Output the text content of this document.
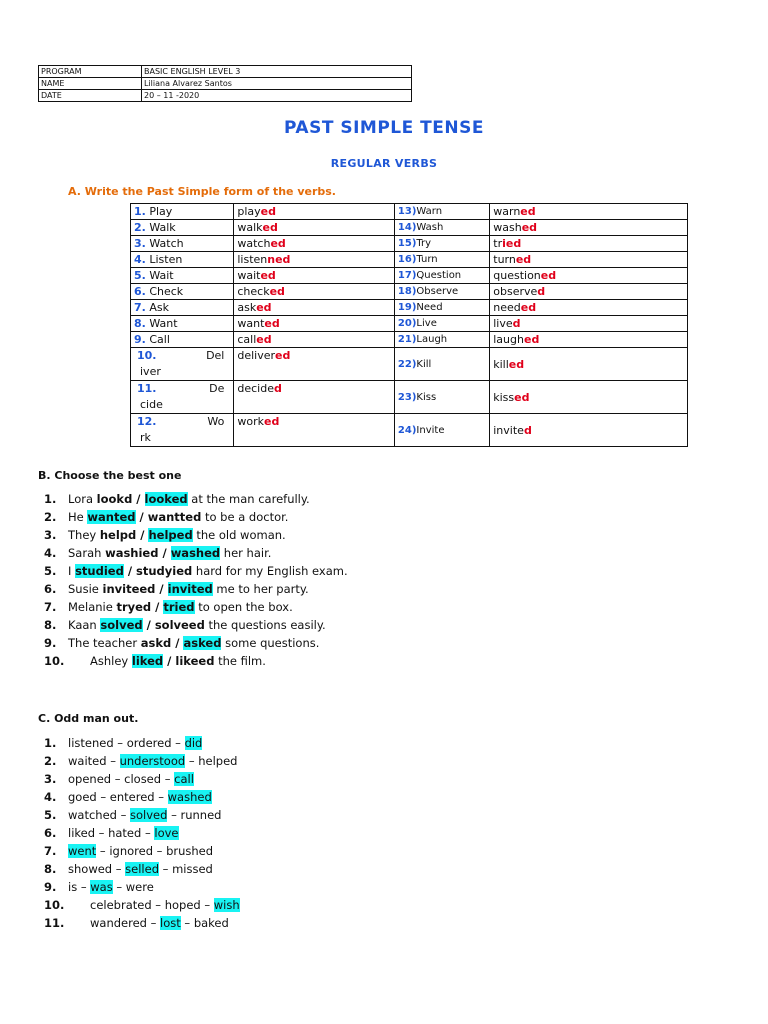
PROGRAM	BASIC ENGLISH LEVEL 3
NAME	Liliana Alvarez Santos
DATE	20 – 11 -2020
PAST SIMPLE TENSE
REGULAR VERBS
A. Write the Past Simple form of the verbs.
1. Play	played	13)Warn	warned
2. Walk	walked	14)Wash	washed
3. Watch	watched	15)Try	tried
4. Listen	listenned	16)Turn	turned
5. Wait	waited	17)Question	questioned
6. Check	checked	18)Observe	observed
7. Ask	asked	19)Need	needed
8. Want	wanted	20)Live	lived
9. Call	called	21)Laugh	laughed

10. Del
iver	delivered	22)Kill	killed

11. De
cide	decided	23)Kiss	kissed

12. Wo
rk	worked	24)Invite	invited
B. Choose the best one
1. Lora lookd / looked at the man carefully.
2. He wanted / wantted to be a doctor.
3. They helpd / helped the old woman.
4. Sarah washied / washed her hair.
5. I studied / studyied hard for my English exam.
6. Susie inviteed / invited me to her party.
7. Melanie tryed / tried to open the box.
8. Kaan solved / solveed the questions easily.
9. The teacher askd / asked some questions.
10. Ashley liked / likeed the film.
C. Odd man out.
1. listened – ordered – did
2. waited – understood – helped
3. opened – closed – call
4. goed – entered – washed
5. watched – solved – runned
6. liked – hated – love
7. went – ignored – brushed
8. showed – selled – missed
9. is – was – were
10. celebrated – hoped – wish
11. wandered – lost – baked
